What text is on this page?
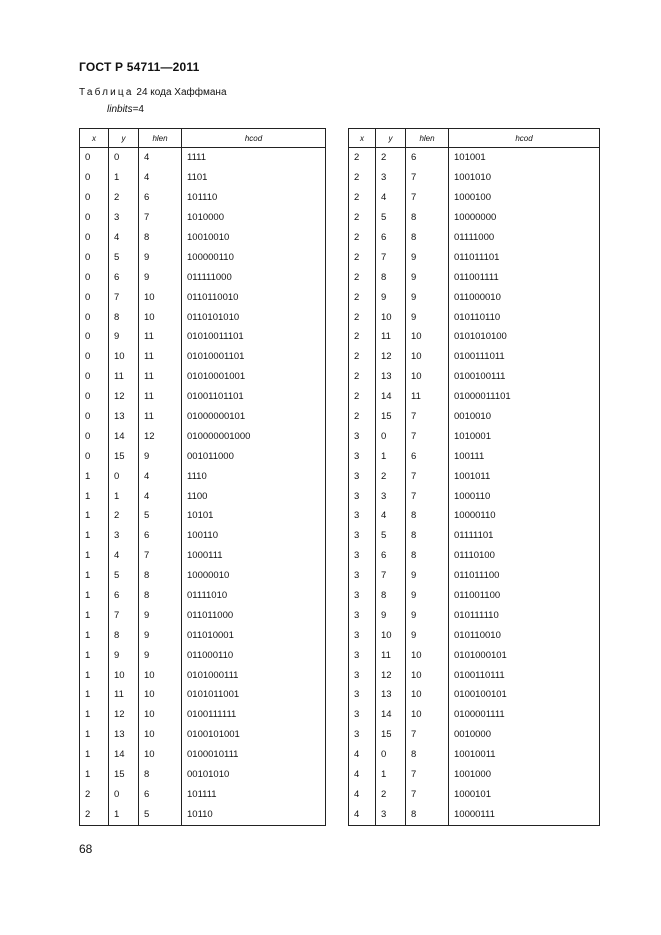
ГОСТ Р 54711—2011
Таблица 24 кода Хаффмана
linbits=4
x	y	hlen	hcod
0	0	4	1111
0	1	4	1101
0	2	6	101110
0	3	7	1010000
0	4	8	10010010
0	5	9	100000110
0	6	9	011111000
0	7	10	0110110010
0	8	10	0110101010
0	9	11	01010011101
0	10	11	01010001101
0	11	11	01010001001
0	12	11	01001101101
0	13	11	01000000101
0	14	12	010000001000
0	15	9	001011000
1	0	4	1110
1	1	4	1100
1	2	5	10101
1	3	6	100110
1	4	7	1000111
1	5	8	10000010
1	6	8	01111010
1	7	9	011011000
1	8	9	011010001
1	9	9	011000110
1	10	10	0101000111
1	11	10	0101011001
1	12	10	0100111111
1	13	10	0100101001
1	14	10	0100010111
1	15	8	00101010
2	0	6	101111
2	1	5	10110
x	y	hlen	hcod
2	2	6	101001
2	3	7	1001010
2	4	7	1000100
2	5	8	10000000
2	6	8	01111000
2	7	9	011011101
2	8	9	011001111
2	9	9	011000010
2	10	9	010110110
2	11	10	0101010100
2	12	10	0100111011
2	13	10	0100100111
2	14	11	01000011101
2	15	7	0010010
3	0	7	1010001
3	1	6	100111
3	2	7	1001011
3	3	7	1000110
3	4	8	10000110
3	5	8	01111101
3	6	8	01110100
3	7	9	011011100
3	8	9	011001100
3	9	9	010111110
3	10	9	010110010
3	11	10	0101000101
3	12	10	0100110111
3	13	10	0100100101
3	14	10	0100001111
3	15	7	0010000
4	0	8	10010011
4	1	7	1001000
4	2	7	1000101
4	3	8	10000111
68
